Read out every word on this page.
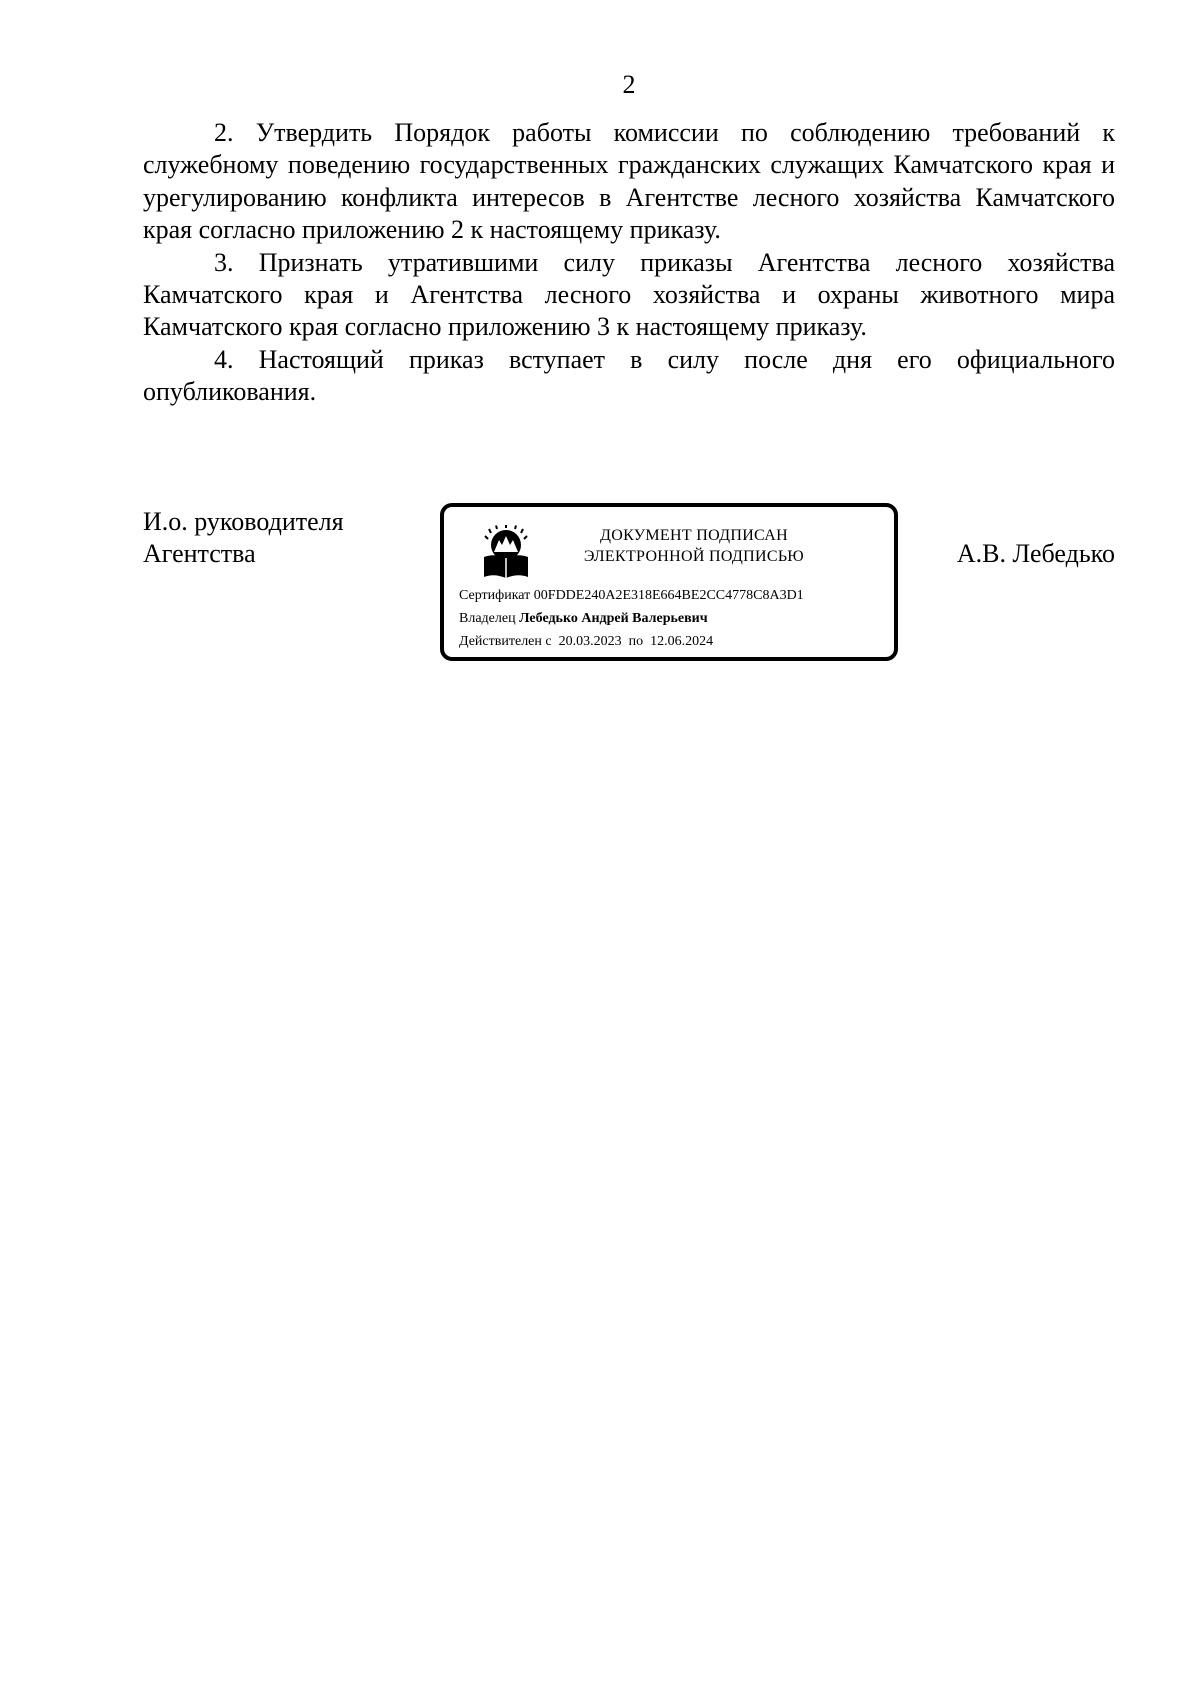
2

2. Утвердить Порядок работы комиссии по соблюдению требований к служебному поведению государственных гражданских служащих Камчатского края и урегулированию конфликта интересов в Агентстве лесного хозяйства Камчатского края согласно приложению 2 к настоящему приказу.

3. Признать утратившими силу приказы Агентства лесного хозяйства Камчатского края и Агентства лесного хозяйства и охраны животного мира Камчатского края согласно приложению 3 к настоящему приказу.

4. Настоящий приказ вступает в силу после дня его официального опубликования.

И.о. руководителя
Агентства
ДОКУМЕНТ ПОДПИСАН
ЭЛЕКТРОННОЙ ПОДПИСЬЮ
Сертификат 00FDDE240A2E318E664BE2CC4778C8A3D1
Владелец Лебедько Андрей Валерьевич
Действителен с 20.03.2023 по 12.06.2024
А.В. Лебедько
